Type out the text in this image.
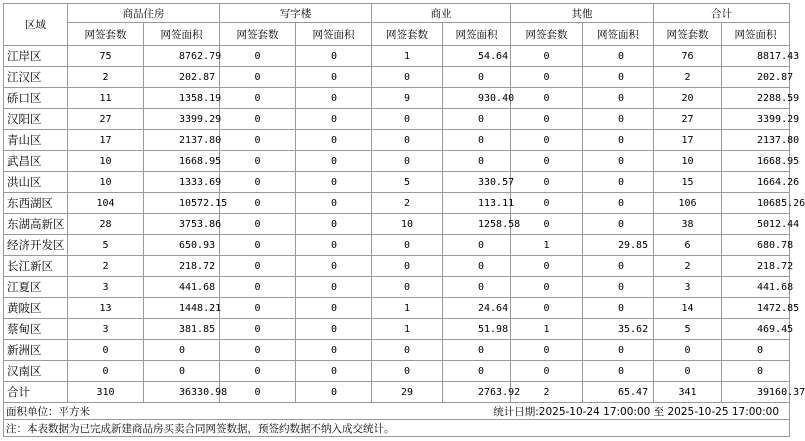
区域	商品住房		写字楼		商业		其他		合计	
	网签套数	网签面积	网签套数	网签面积	网签套数	网签面积	网签套数	网签面积	网签套数	网签面积
江岸区	75	8762.79	0	0	1	54.64	0	0	76	8817.43
江汉区	2	202.87	0	0	0	0	0	0	2	202.87
硚口区	11	1358.19	0	0	9	930.40	0	0	20	2288.59
汉阳区	27	3399.29	0	0	0	0	0	0	27	3399.29
青山区	17	2137.80	0	0	0	0	0	0	17	2137.80
武昌区	10	1668.95	0	0	0	0	0	0	10	1668.95
洪山区	10	1333.69	0	0	5	330.57	0	0	15	1664.26
东西湖区	104	10572.15	0	0	2	113.11	0	0	106	10685.26
东湖高新区	28	3753.86	0	0	10	1258.58	0	0	38	5012.44
经济开发区	5	650.93	0	0	0	0	1	29.85	6	680.78
长江新区	2	218.72	0	0	0	0	0	0	2	218.72
江夏区	3	441.68	0	0	0	0	0	0	3	441.68
黄陂区	13	1448.21	0	0	1	24.64	0	0	14	1472.85
蔡甸区	3	381.85	0	0	1	51.98	1	35.62	5	469.45
新洲区	0	0	0	0	0	0	0	0	0	0
汉南区	0	0	0	0	0	0	0	0	0	0
合计	310	36330.98	0	0	29	2763.92	2	65.47	341	39160.37
面积单位：平方米					统计日期:2025-10-24 17:00:00 至 2025-10-25 17:00:00					
注：本表数据为已完成新建商品房买卖合同网签数据，预签约数据不纳入成交统计。										
